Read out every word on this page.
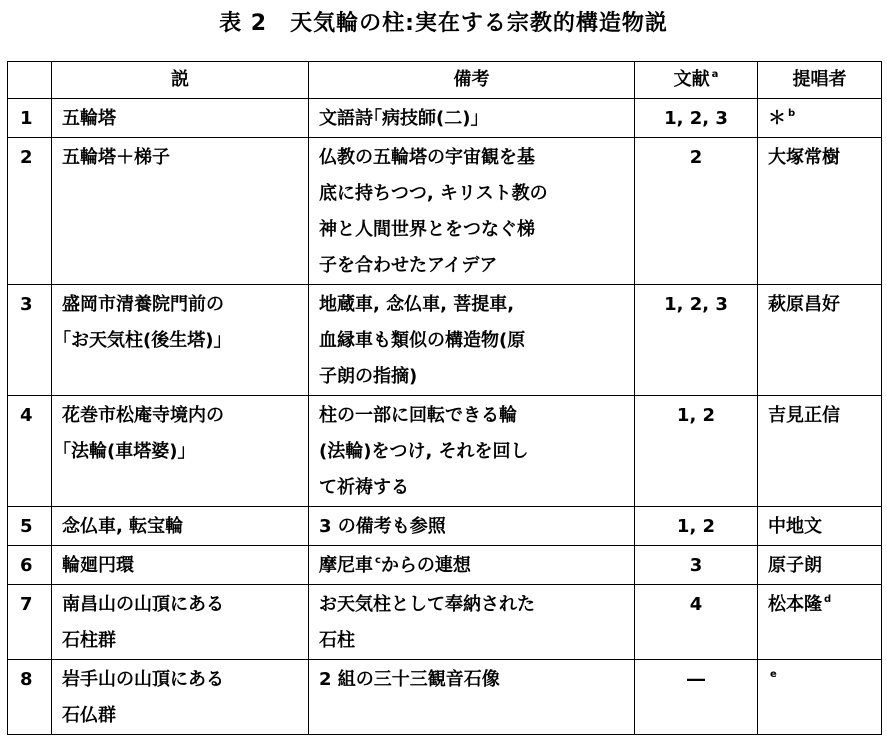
表 2　天気輪の柱:実在する宗教的構造物説
	説	備考	文献 $^a$	提唱者
1	五輪塔	文語詩｢病技師(二)｣	1, 2, 3	＊ $^b$
2	五輪塔＋梯子	仏教の五輪塔の宇宙観を基
底に持ちつつ, キリスト教の
神と人間世界とをつなぐ梯
子を合わせたアイデア	2	大塚常樹
3	盛岡市清養院門前の
｢お天気柱(後生塔)｣	地蔵車, 念仏車, 菩提車,
血縁車も類似の構造物(原
子朗の指摘)	1, 2, 3	萩原昌好
4	花巻市松庵寺境内の
｢法輪(車塔婆)｣	柱の一部に回転できる輪
(法輪)をつけ, それを回し
て祈祷する	1, 2	吉見正信
5	念仏車, 転宝輪	3 の備考も参照	1, 2	中地文
6	輪廻円環	摩尼車 $^c$からの連想	3	原子朗
7	南昌山の山頂にある
石柱群	お天気柱として奉納された
石柱	4	松本隆 $^d$
8	岩手山の山頂にある
石仏群	2 組の三十三観音石像	―	$^e$
